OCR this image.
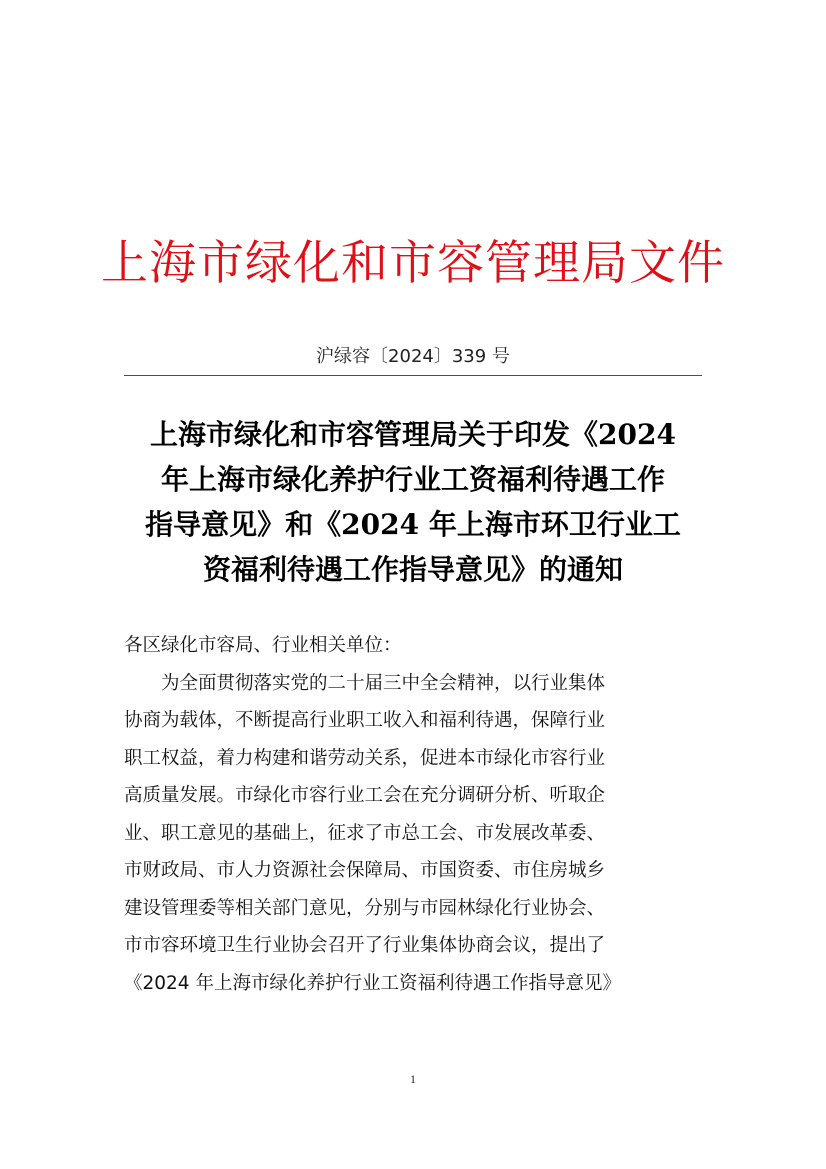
上海市绿化和市容管理局文件
沪绿容〔2024〕339 号
上海市绿化和市容管理局关于印发《2024
年上海市绿化养护行业工资福利待遇工作
指导意见》和《2024 年上海市环卫行业工
资福利待遇工作指导意见》的通知
各区绿化市容局、行业相关单位：
　　为全面贯彻落实党的二十届三中全会精神，以行业集体
协商为载体，不断提高行业职工收入和福利待遇，保障行业
职工权益，着力构建和谐劳动关系，促进本市绿化市容行业
高质量发展。市绿化市容行业工会在充分调研分析、听取企
业、职工意见的基础上，征求了市总工会、市发展改革委、
市财政局、市人力资源社会保障局、市国资委、市住房城乡
建设管理委等相关部门意见，分别与市园林绿化行业协会、
市市容环境卫生行业协会召开了行业集体协商会议，提出了
《2024 年上海市绿化养护行业工资福利待遇工作指导意见》
1
